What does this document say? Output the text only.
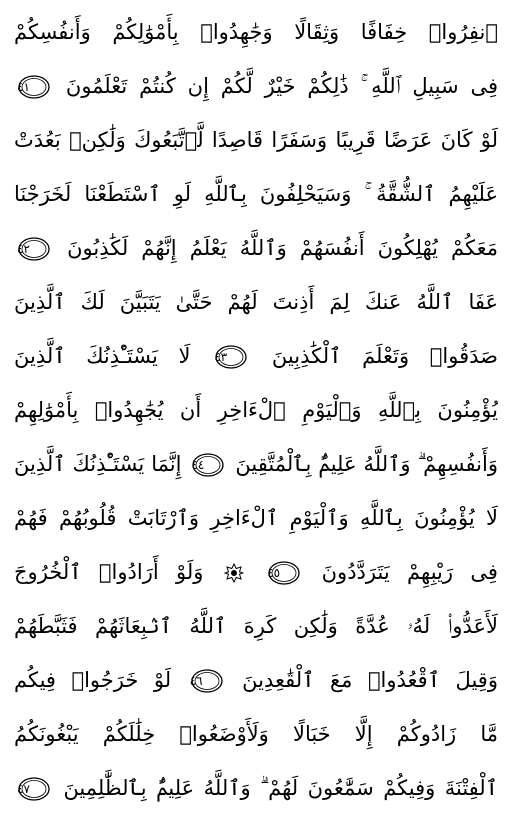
ٱنفِرُوا۟ خِفَافًا وَثِقَالًا وَجَٰهِدُوا۟ بِأَمْوَٰلِكُمْ وَأَنفُسِكُمْ
فِى سَبِيلِ ٱللَّهِ ۚ ذَٰلِكُمْ خَيْرٌ لَّكُمْ إِن كُنتُمْ تَعْلَمُونَ
٤١
لَوْ كَانَ عَرَضًا قَرِيبًا وَسَفَرًا قَاصِدًا لَّٱتَّبَعُوكَ وَلَٰكِنۢ بَعُدَتْ
عَلَيْهِمُ ٱلشُّقَّةُ ۚ وَسَيَحْلِفُونَ بِٱللَّهِ لَوِ ٱسْتَطَعْنَا لَخَرَجْنَا
مَعَكُمْ يُهْلِكُونَ أَنفُسَهُمْ وَٱللَّهُ يَعْلَمُ إِنَّهُمْ لَكَٰذِبُونَ
٤٢
عَفَا ٱللَّهُ عَنكَ لِمَ أَذِنتَ لَهُمْ حَتَّىٰ يَتَبَيَّنَ لَكَ ٱلَّذِينَ
صَدَقُوا۟ وَتَعْلَمَ ٱلْكَٰذِبِينَ
٤٣
لَا يَسْتَـْٔذِنُكَ ٱلَّذِينَ
يُؤْمِنُونَ بِٱللَّهِ وَٱلْيَوْمِ ٱلْءَاخِرِ أَن يُجَٰهِدُوا۟ بِأَمْوَٰلِهِمْ
وَأَنفُسِهِمْ ۗ وَٱللَّهُ عَلِيمٌۢ بِٱلْمُتَّقِينَ
٤٤
إِنَّمَا يَسْتَـْٔذِنُكَ ٱلَّذِينَ
لَا يُؤْمِنُونَ بِٱللَّهِ وَٱلْيَوْمِ ٱلْءَاخِرِ وَٱرْتَابَتْ قُلُوبُهُمْ فَهُمْ
فِى رَيْبِهِمْ يَتَرَدَّدُونَ
٤٥
وَلَوْ أَرَادُوا۟ ٱلْخُرُوجَ
لَأَعَدُّوا۟ لَهُۥ عُدَّةً وَلَٰكِن كَرِهَ ٱللَّهُ ٱنۢبِعَاثَهُمْ فَثَبَّطَهُمْ
وَقِيلَ ٱقْعُدُوا۟ مَعَ ٱلْقَٰعِدِينَ
٤٦
لَوْ خَرَجُوا۟ فِيكُم
مَّا زَادُوكُمْ إِلَّا خَبَالًا وَلَأَوْضَعُوا۟ خِلَٰلَكُمْ يَبْغُونَكُمُ
ٱلْفِتْنَةَ وَفِيكُمْ سَمَّٰعُونَ لَهُمْ ۗ وَٱللَّهُ عَلِيمٌۢ بِٱلظَّٰلِمِينَ
٤٧
